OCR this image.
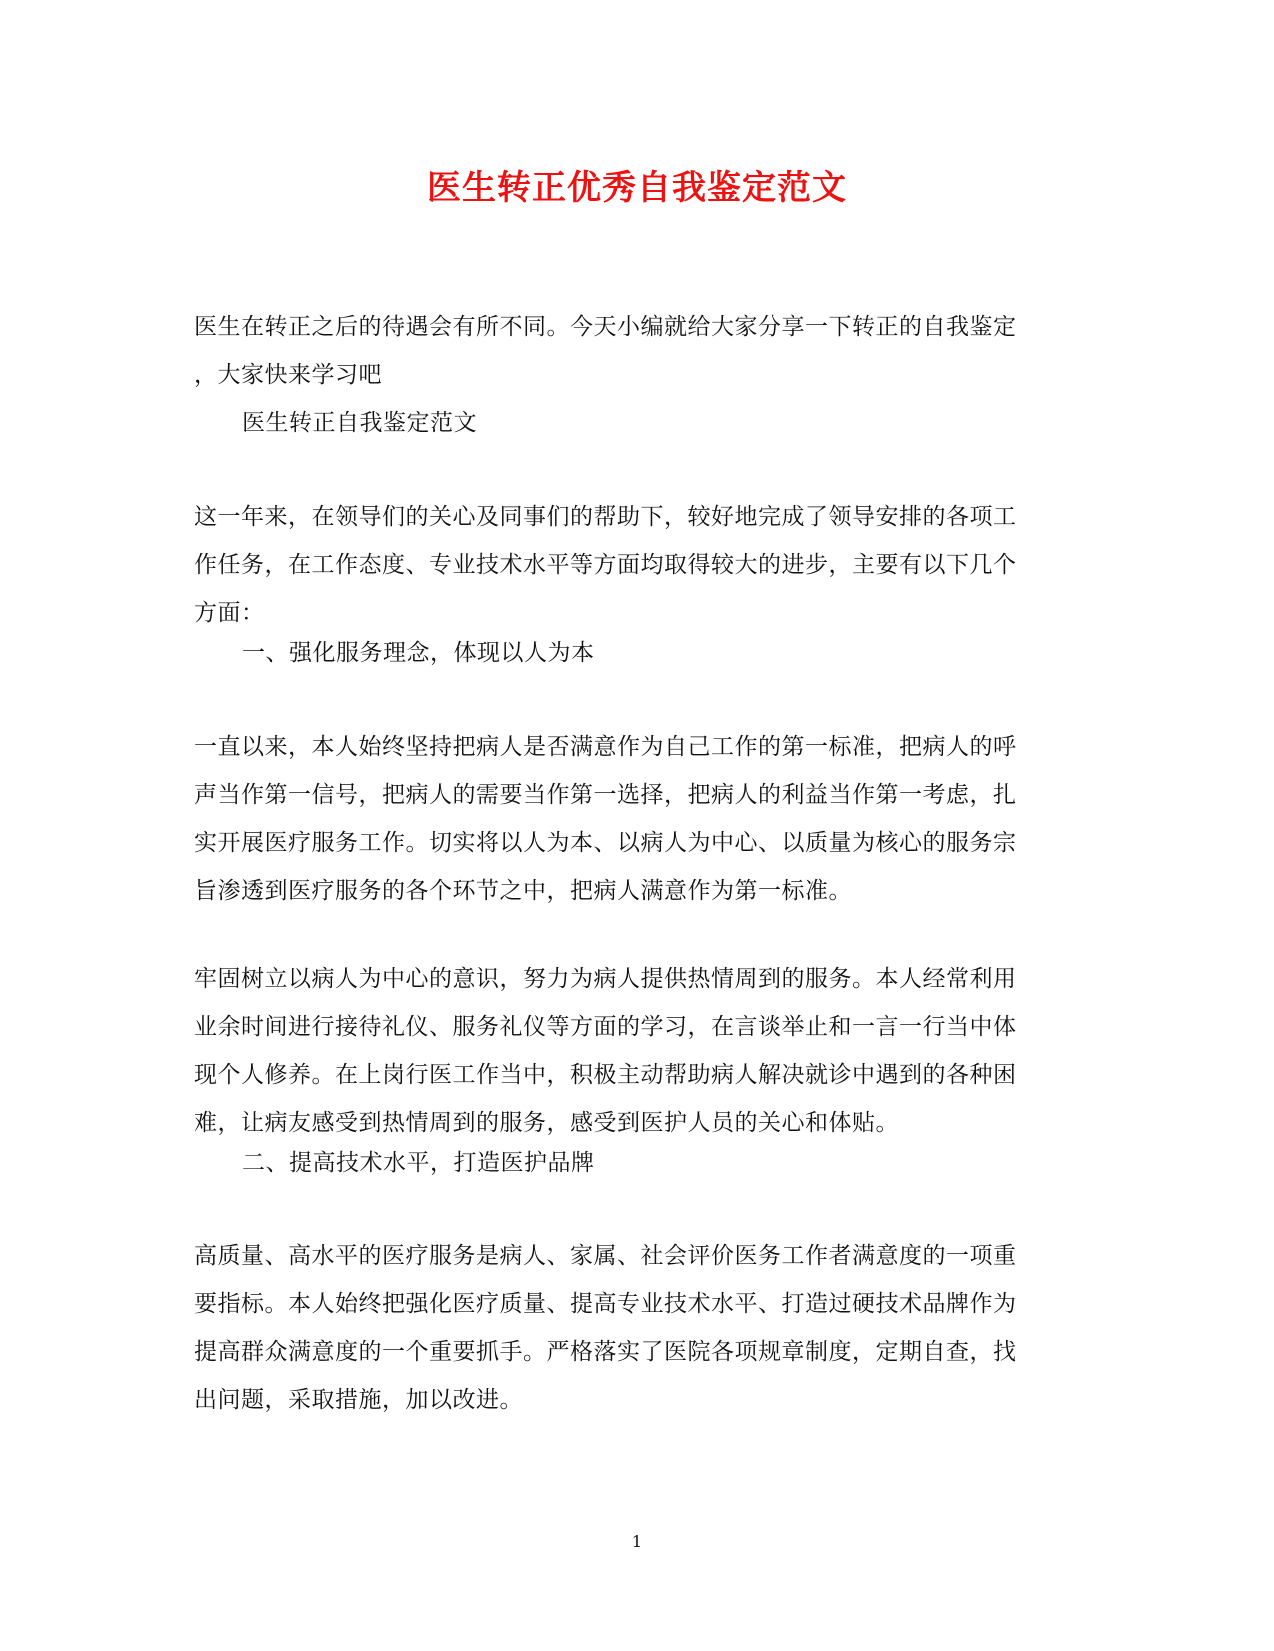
医生转正优秀自我鉴定范文
医生在转正之后的待遇会有所不同。今天小编就给大家分享一下转正的自我鉴定
，大家快来学习吧
医生转正自我鉴定范文
这一年来，在领导们的关心及同事们的帮助下，较好地完成了领导安排的各项工
作任务，在工作态度、专业技术水平等方面均取得较大的进步，主要有以下几个
方面：
一、强化服务理念，体现以人为本
一直以来，本人始终坚持把病人是否满意作为自己工作的第一标准，把病人的呼
声当作第一信号，把病人的需要当作第一选择，把病人的利益当作第一考虑，扎
实开展医疗服务工作。切实将以人为本、以病人为中心、以质量为核心的服务宗
旨渗透到医疗服务的各个环节之中，把病人满意作为第一标准。
牢固树立以病人为中心的意识，努力为病人提供热情周到的服务。本人经常利用
业余时间进行接待礼仪、服务礼仪等方面的学习，在言谈举止和一言一行当中体
现个人修养。在上岗行医工作当中，积极主动帮助病人解决就诊中遇到的各种困
难，让病友感受到热情周到的服务，感受到医护人员的关心和体贴。
二、提高技术水平，打造医护品牌
高质量、高水平的医疗服务是病人、家属、社会评价医务工作者满意度的一项重
要指标。本人始终把强化医疗质量、提高专业技术水平、打造过硬技术品牌作为
提高群众满意度的一个重要抓手。严格落实了医院各项规章制度，定期自查，找
出问题，采取措施，加以改进。
1
